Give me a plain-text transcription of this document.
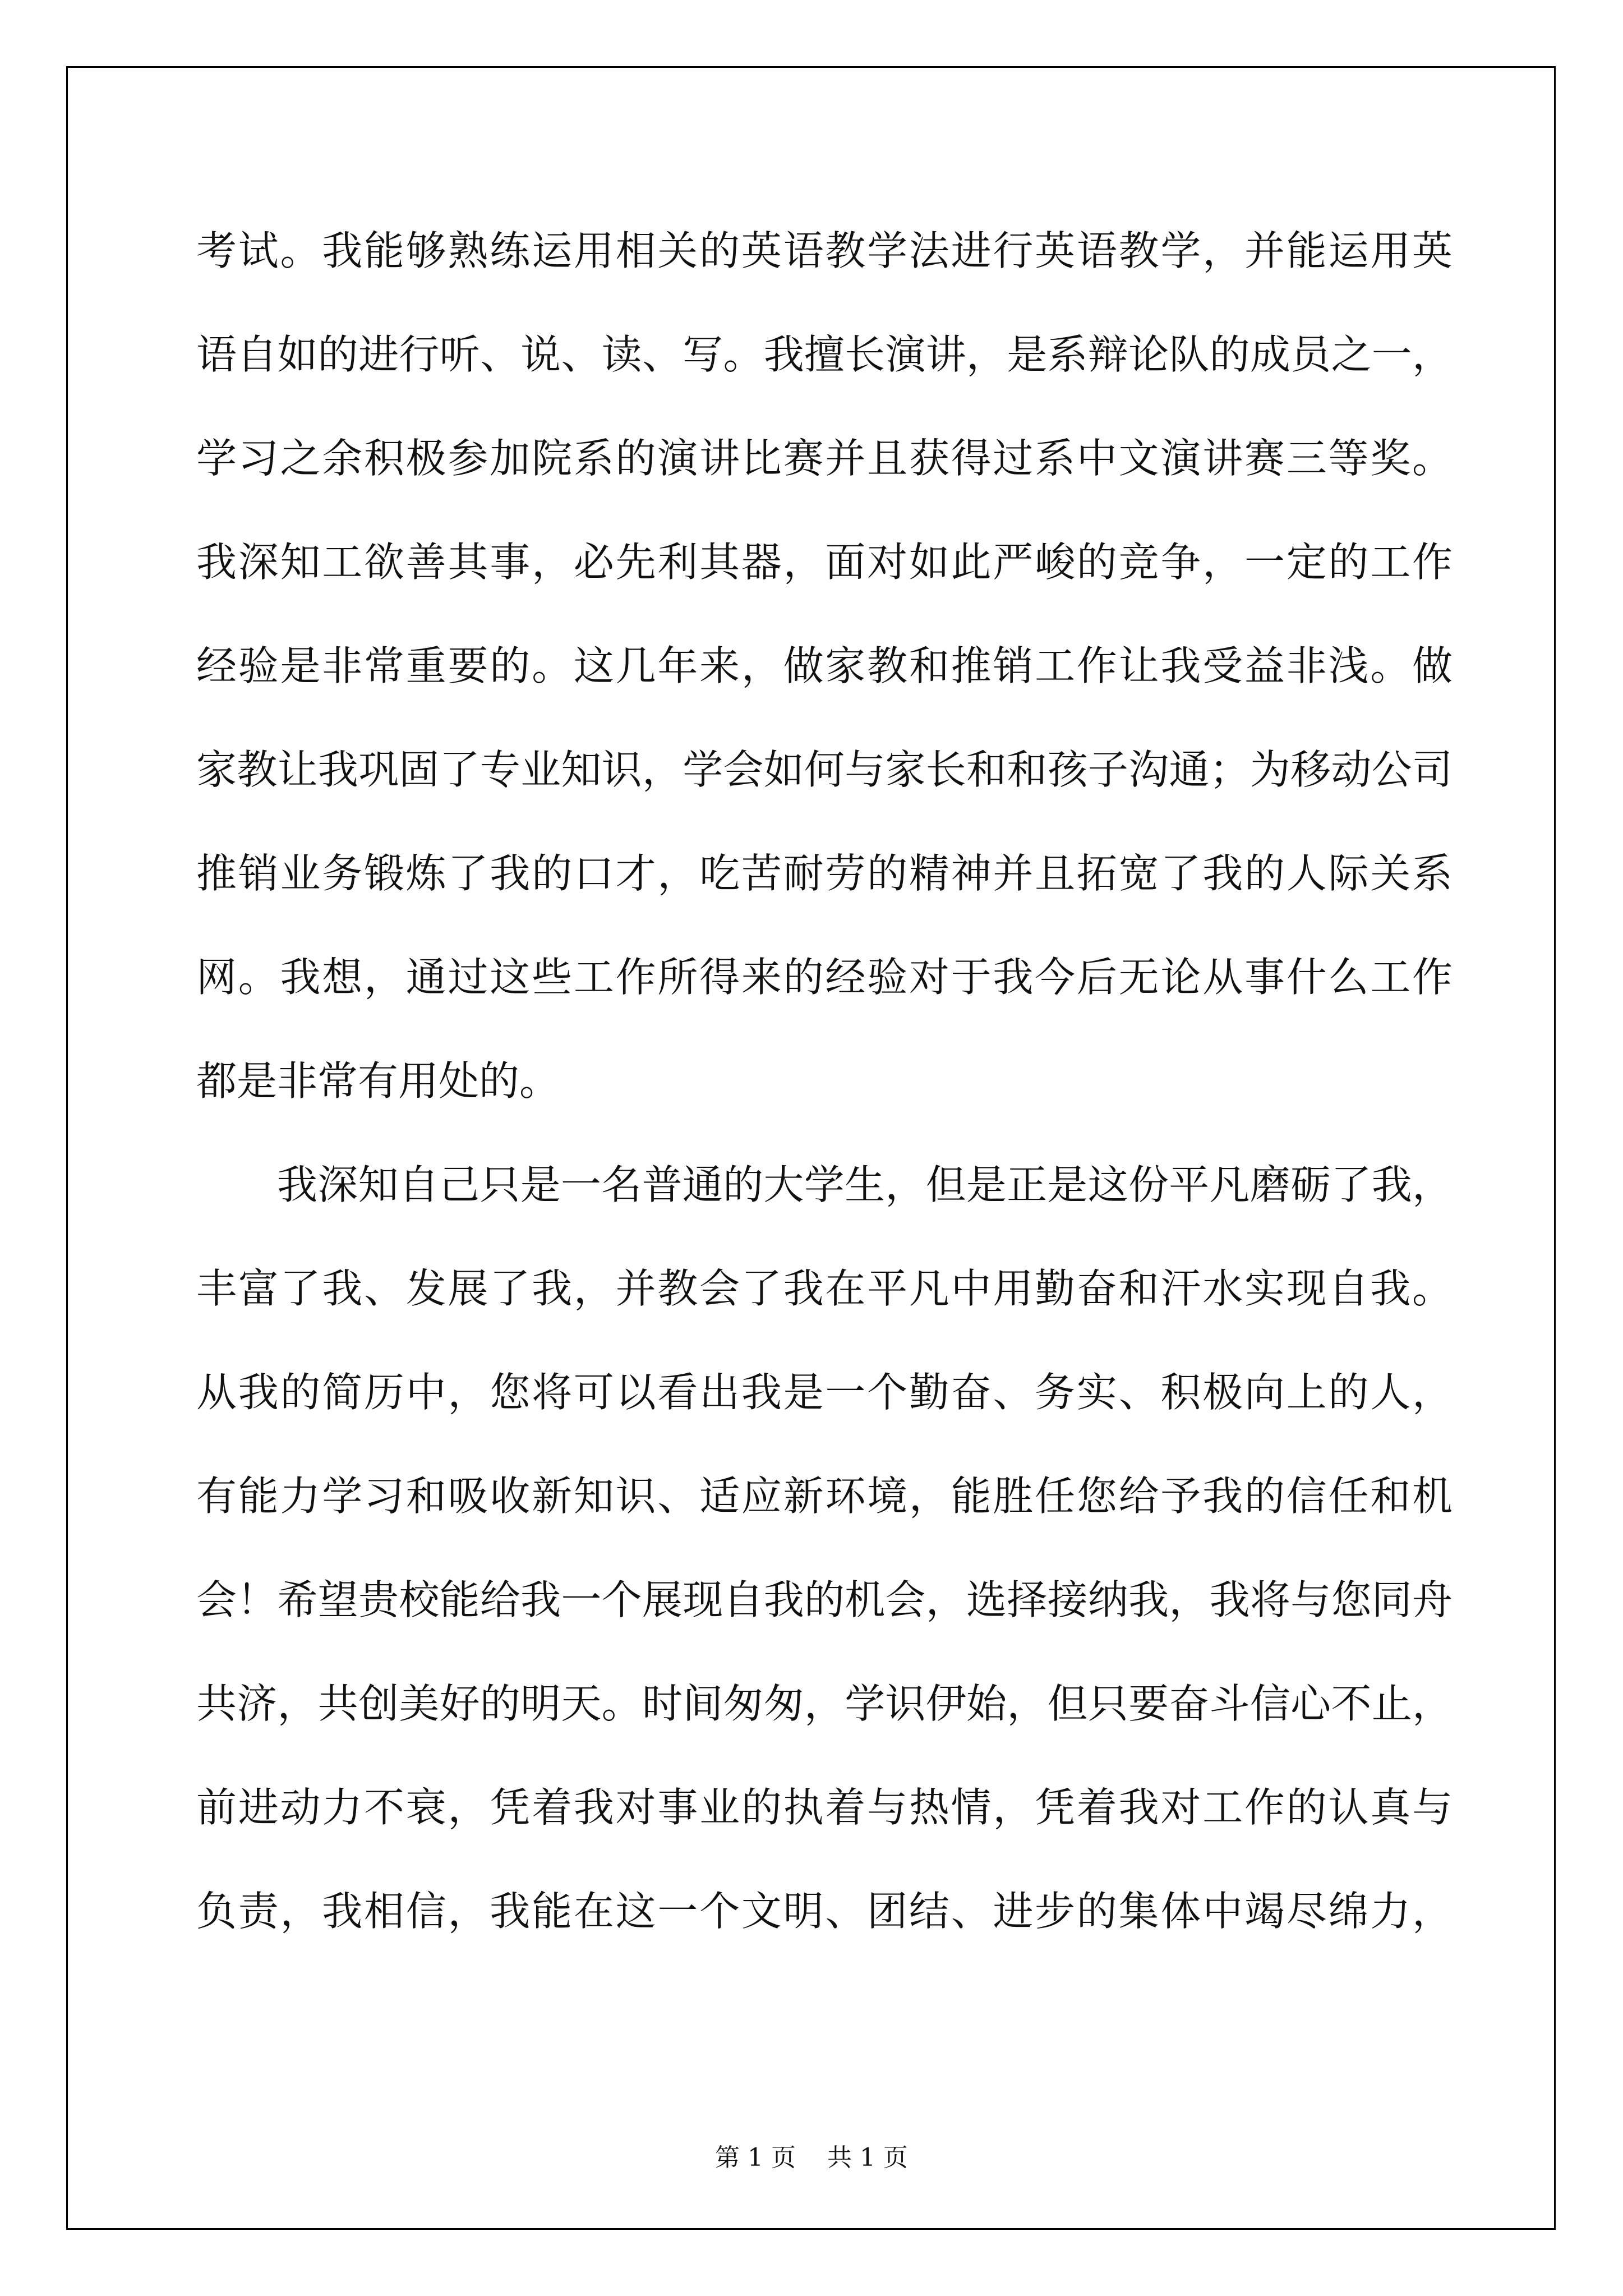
考试。我能够熟练运用相关的英语教学法进行英语教学，并能运用英
语自如的进行听、说、读、写。我擅长演讲，是系辩论队的成员之一，
学习之余积极参加院系的演讲比赛并且获得过系中文演讲赛三等奖。
我深知工欲善其事，必先利其器，面对如此严峻的竞争，一定的工作
经验是非常重要的。这几年来，做家教和推销工作让我受益非浅。做
家教让我巩固了专业知识，学会如何与家长和和孩子沟通；为移动公司
推销业务锻炼了我的口才，吃苦耐劳的精神并且拓宽了我的人际关系
网。我想，通过这些工作所得来的经验对于我今后无论从事什么工作
都是非常有用处的。
我深知自己只是一名普通的大学生，但是正是这份平凡磨砺了我，
丰富了我、发展了我，并教会了我在平凡中用勤奋和汗水实现自我。
从我的简历中，您将可以看出我是一个勤奋、务实、积极向上的人，
有能力学习和吸收新知识、适应新环境，能胜任您给予我的信任和机
会！希望贵校能给我一个展现自我的机会，选择接纳我，我将与您同舟
共济，共创美好的明天。时间匆匆，学识伊始，但只要奋斗信心不止，
前进动力不衰，凭着我对事业的执着与热情，凭着我对工作的认真与
负责，我相信，我能在这一个文明、团结、进步的集体中竭尽绵力，
第 1 页    共 1 页
